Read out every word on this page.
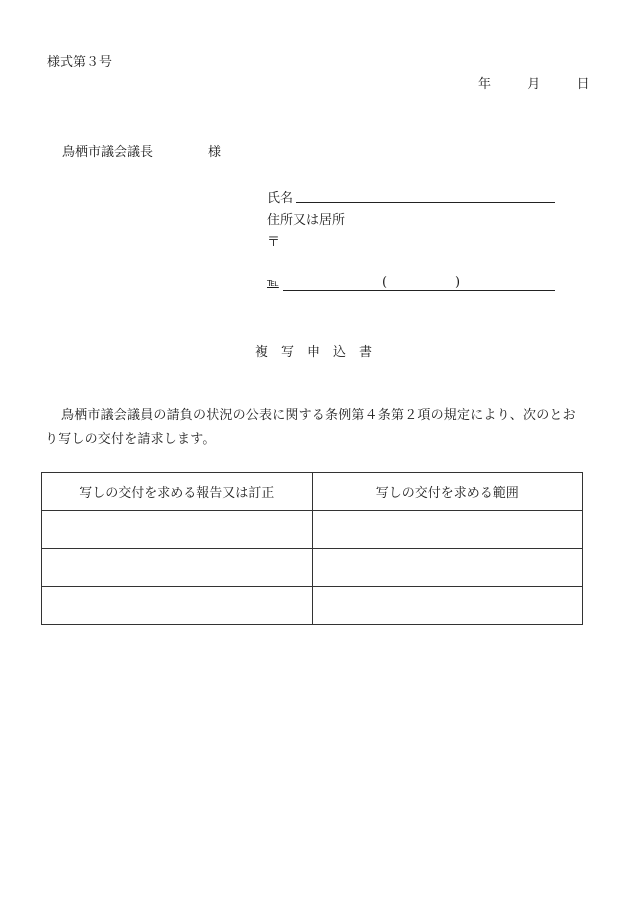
様式第３号
年	月	日
鳥栖市議会議長	様
氏名
住所又は居所
〒
℡	(	)
複 写 申 込 書
鳥栖市議会議員の請負の状況の公表に関する条例第４条第２項の規定により、次のとおり写しの交付を請求します。
写しの交付を求める報告又は訂正	写しの交付を求める範囲
